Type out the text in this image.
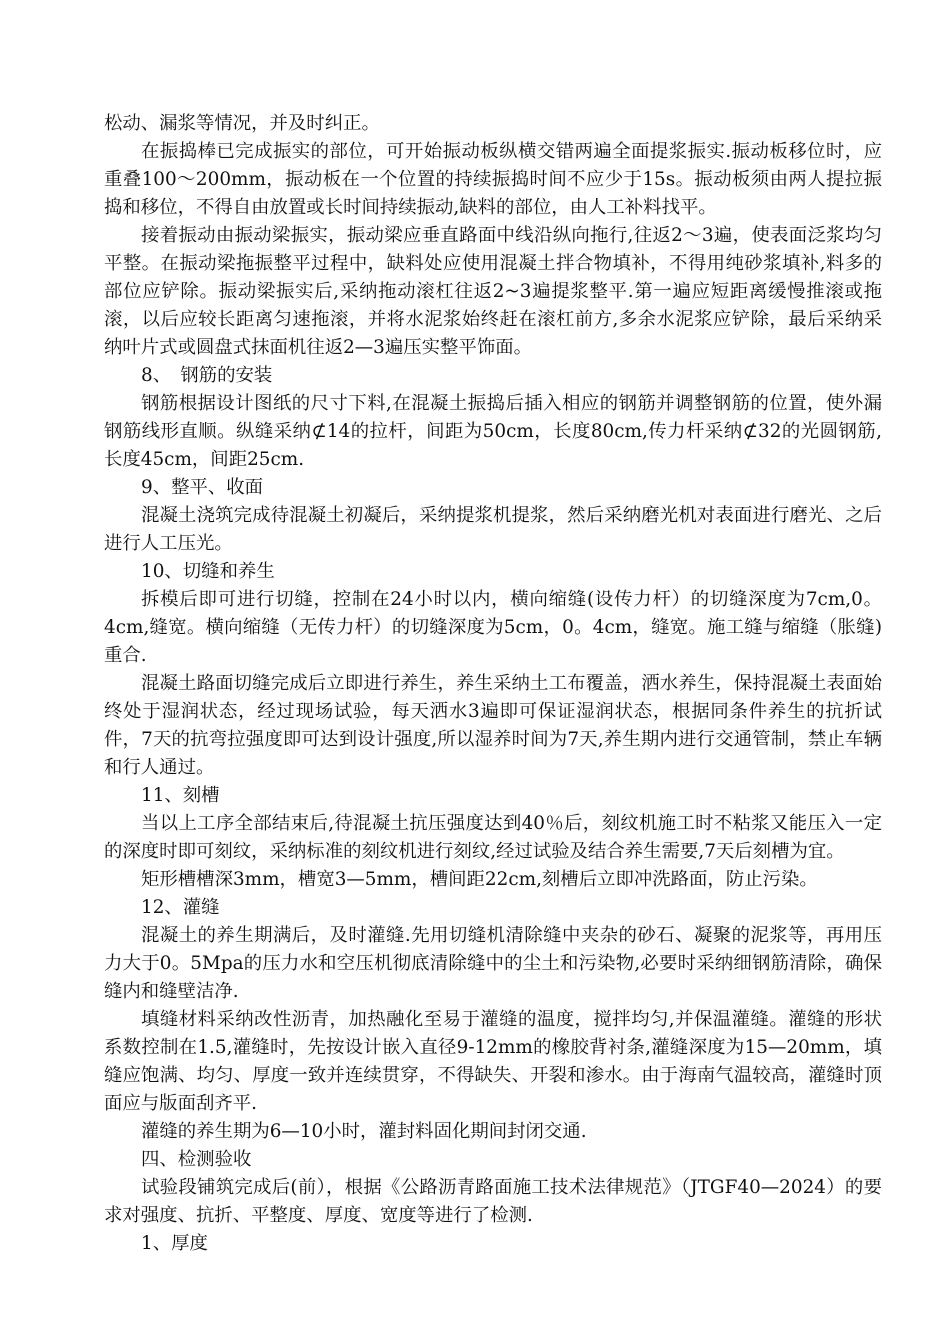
松动、漏浆等情况，并及时纠正。

在振捣棒已完成振实的部位，可开始振动板纵横交错两遍全面提浆振实.振动板移位时，应重叠100～200mm，振动板在一个位置的持续振捣时间不应少于15s。振动板须由两人提拉振捣和移位，不得自由放置或长时间持续振动,缺料的部位，由人工补料找平。

接着振动由振动梁振实，振动梁应垂直路面中线沿纵向拖行,往返2～3遍，使表面泛浆均匀平整。在振动梁拖振整平过程中，缺料处应使用混凝土拌合物填补，不得用纯砂浆填补,料多的部位应铲除。振动梁振实后,采纳拖动滚杠往返2~3遍提浆整平.第一遍应短距离缓慢推滚或拖滚，以后应较长距离匀速拖滚，并将水泥浆始终赶在滚杠前方,多余水泥浆应铲除，最后采纳采纳叶片式或圆盘式抹面机往返2—3遍压实整平饰面。

8、　钢筋的安装

钢筋根据设计图纸的尺寸下料,在混凝土振捣后插入相应的钢筋并调整钢筋的位置，使外漏钢筋线形直顺。纵缝采纳⊄14的拉杆，间距为50cm，长度80cm,传力杆采纳⊄32的光圆钢筋,长度45cm，间距25cm.

9、整平、收面

混凝土浇筑完成待混凝土初凝后，采纳提浆机提浆，然后采纳磨光机对表面进行磨光、之后进行人工压光。

10、切缝和养生

拆模后即可进行切缝，控制在24小时以内，横向缩缝(设传力杆）的切缝深度为7cm,0。4cm,缝宽。横向缩缝（无传力杆）的切缝深度为5cm，0。4cm，缝宽。施工缝与缩缝（胀缝)重合.

混凝土路面切缝完成后立即进行养生，养生采纳土工布覆盖，洒水养生，保持混凝土表面始终处于湿润状态，经过现场试验，每天洒水3遍即可保证湿润状态，根据同条件养生的抗折试件，7天的抗弯拉强度即可达到设计强度,所以湿养时间为7天,养生期内进行交通管制，禁止车辆和行人通过。

11、刻槽

当以上工序全部结束后,待混凝土抗压强度达到40％后，刻纹机施工时不粘浆又能压入一定的深度时即可刻纹，采纳标准的刻纹机进行刻纹,经过试验及结合养生需要,7天后刻槽为宜。

矩形槽槽深3mm，槽宽3—5mm，槽间距22cm,刻槽后立即冲洗路面，防止污染。

12、灌缝

混凝土的养生期满后，及时灌缝.先用切缝机清除缝中夹杂的砂石、凝聚的泥浆等，再用压力大于0。5Mpa的压力水和空压机彻底清除缝中的尘土和污染物,必要时采纳细钢筋清除，确保缝内和缝壁洁净.

填缝材料采纳改性沥青，加热融化至易于灌缝的温度，搅拌均匀,并保温灌缝。灌缝的形状系数控制在1.5,灌缝时，先按设计嵌入直径9-12mm的橡胶背衬条,灌缝深度为15—20mm，填缝应饱满、均匀、厚度一致并连续贯穿，不得缺失、开裂和渗水。由于海南气温较高，灌缝时顶面应与版面刮齐平.

灌缝的养生期为6—10小时，灌封料固化期间封闭交通.

四、检测验收

试验段铺筑完成后(前），根据《公路沥青路面施工技术法律规范》（JTGF40—2024）的要求对强度、抗折、平整度、厚度、宽度等进行了检测.

1、厚度
